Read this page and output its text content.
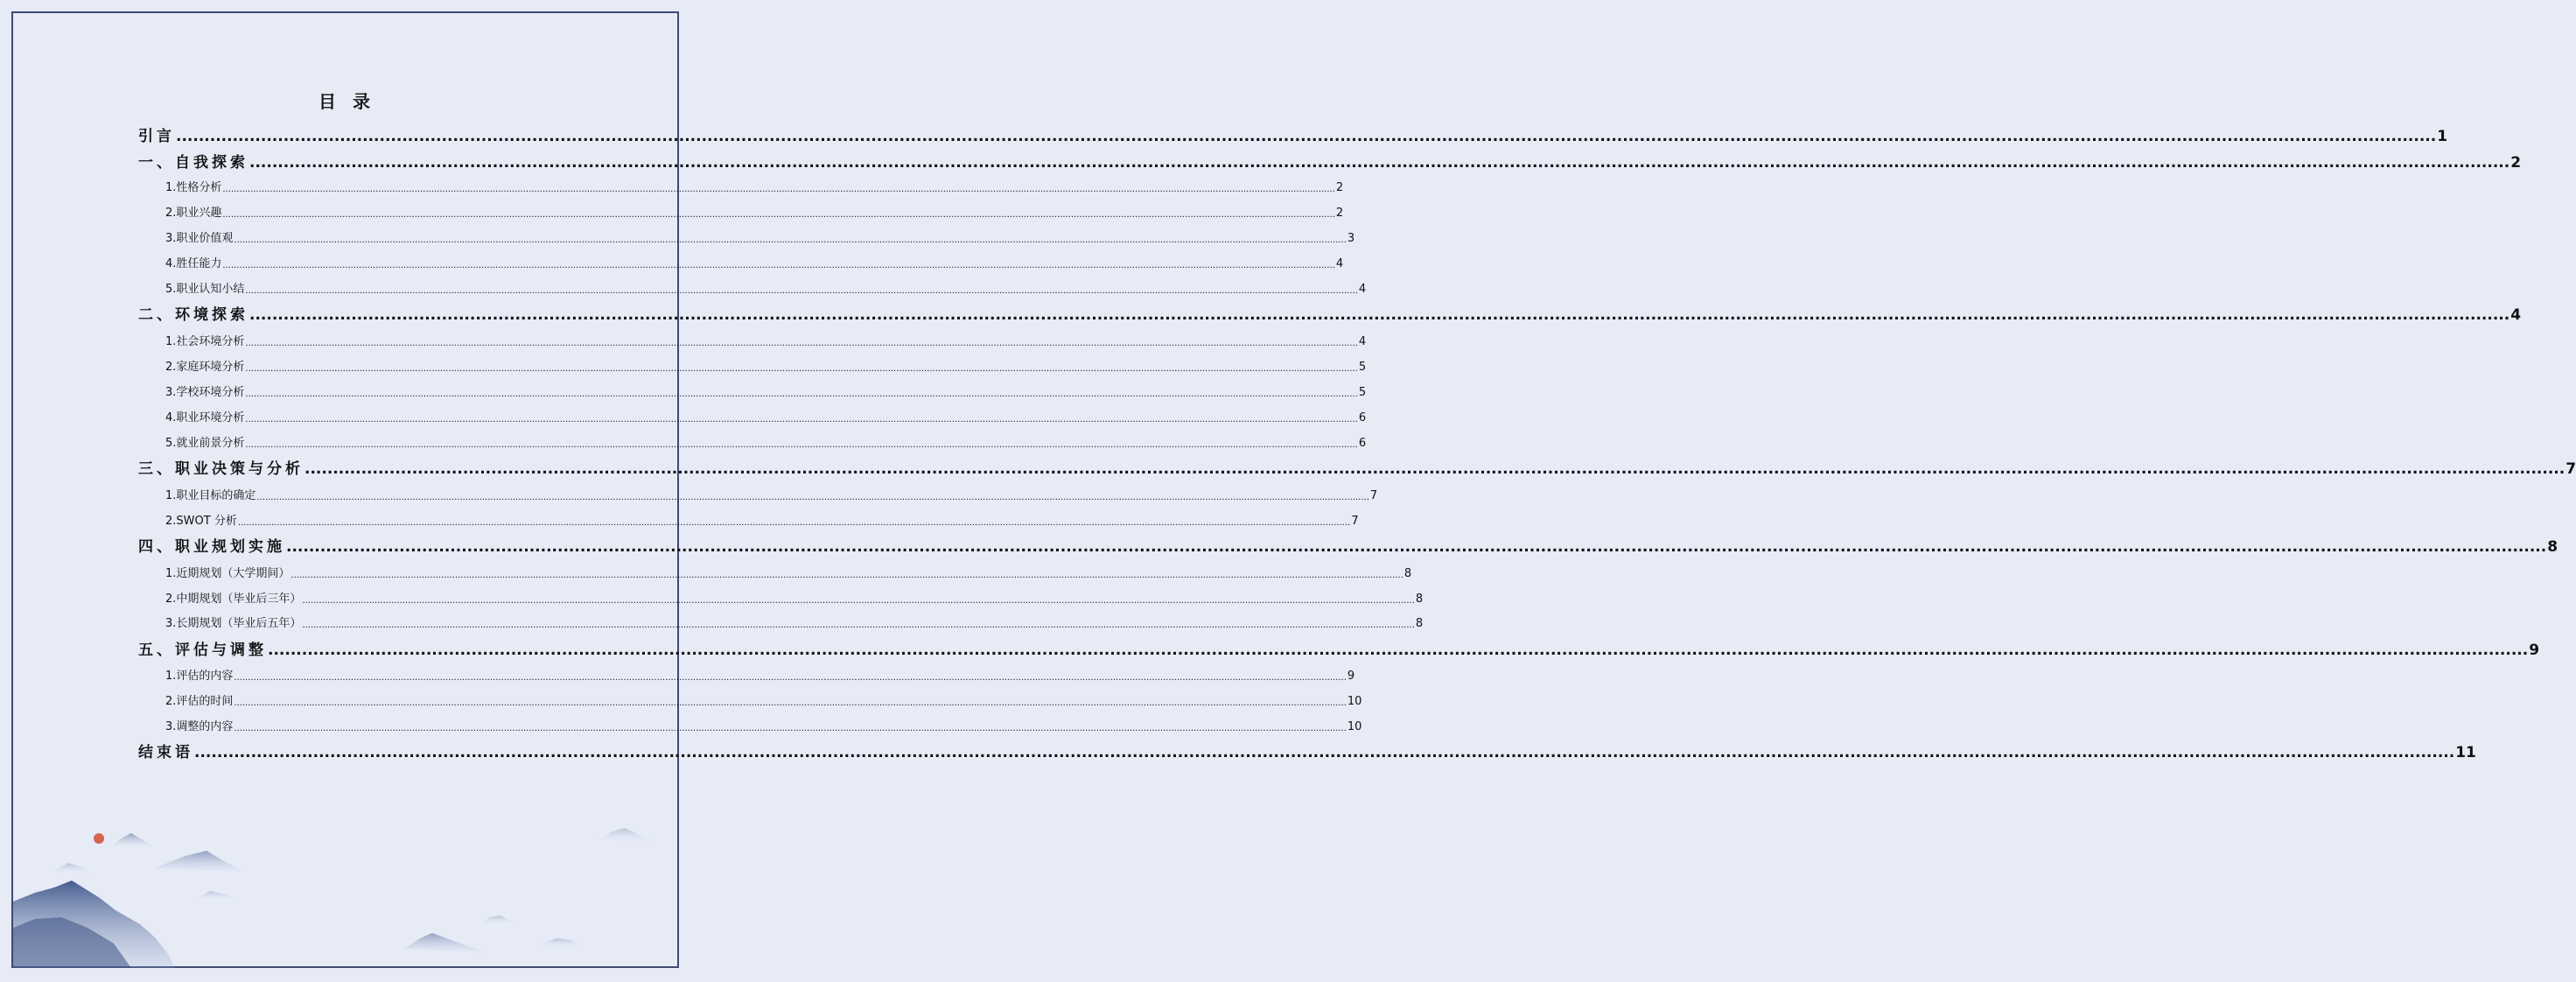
目 录
引言 ................................................................................................................................................................................................................................................................................................................................................................................................................ 1
一、自我探索 ................................................................................................................................................................................................................................................................................................................................................................................................................ 2
1.性格分析 ................................................................................................................................................................................................................................................................................................................................................................................................................ 2
2.职业兴趣 ................................................................................................................................................................................................................................................................................................................................................................................................................ 2
3.职业价值观 ................................................................................................................................................................................................................................................................................................................................................................................................................ 3
4.胜任能力 ................................................................................................................................................................................................................................................................................................................................................................................................................ 4
5.职业认知小结 ................................................................................................................................................................................................................................................................................................................................................................................................................ 4
二、环境探索 ................................................................................................................................................................................................................................................................................................................................................................................................................ 4
1.社会环境分析 ................................................................................................................................................................................................................................................................................................................................................................................................................ 4
2.家庭环境分析 ................................................................................................................................................................................................................................................................................................................................................................................................................ 5
3.学校环境分析 ................................................................................................................................................................................................................................................................................................................................................................................................................ 5
4.职业环境分析 ................................................................................................................................................................................................................................................................................................................................................................................................................ 6
5.就业前景分析 ................................................................................................................................................................................................................................................................................................................................................................................................................ 6
三、职业决策与分析 ................................................................................................................................................................................................................................................................................................................................................................................................................ 7
1.职业目标的确定 ................................................................................................................................................................................................................................................................................................................................................................................................................ 7
2.SWOT 分析 ................................................................................................................................................................................................................................................................................................................................................................................................................ 7
四、职业规划实施 ................................................................................................................................................................................................................................................................................................................................................................................................................ 8
1.近期规划（大学期间） ................................................................................................................................................................................................................................................................................................................................................................................................................ 8
2.中期规划（毕业后三年） ................................................................................................................................................................................................................................................................................................................................................................................................................ 8
3.长期规划（毕业后五年） ................................................................................................................................................................................................................................................................................................................................................................................................................ 8
五、评估与调整 ................................................................................................................................................................................................................................................................................................................................................................................................................ 9
1.评估的内容 ................................................................................................................................................................................................................................................................................................................................................................................................................ 9
2.评估的时间 ................................................................................................................................................................................................................................................................................................................................................................................................................ 10
3.调整的内容 ................................................................................................................................................................................................................................................................................................................................................................................................................ 10
结束语 ................................................................................................................................................................................................................................................................................................................................................................................................................ 11
